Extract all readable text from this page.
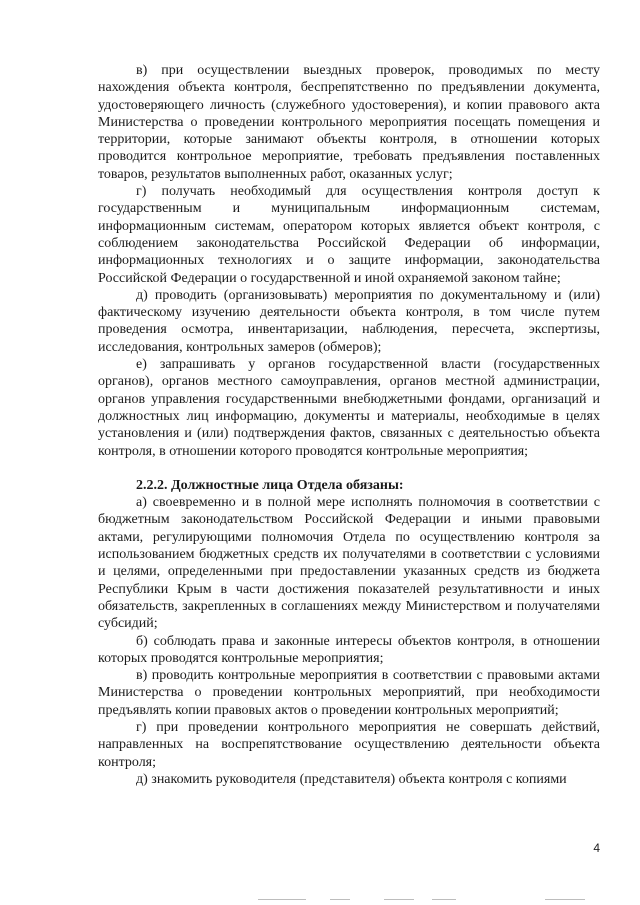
в) при осуществлении выездных проверок, проводимых по месту нахождения объекта контроля, беспрепятственно по предъявлении документа, удостоверяющего личность (служебного удостоверения), и копии правового акта Министерства о проведении контрольного мероприятия посещать помещения и территории, которые занимают объекты контроля, в отношении которых проводится контрольное мероприятие, требовать предъявления поставленных товаров, результатов выполненных работ, оказанных услуг;

г) получать необходимый для осуществления контроля доступ к государственным и муниципальным информационным системам, информационным системам, оператором которых является объект контроля, с соблюдением законодательства Российской Федерации об информации, информационных технологиях и о защите информации, законодательства Российской Федерации о государственной и иной охраняемой законом тайне;

д) проводить (организовывать) мероприятия по документальному и (или) фактическому изучению деятельности объекта контроля, в том числе путем проведения осмотра, инвентаризации, наблюдения, пересчета, экспертизы, исследования, контрольных замеров (обмеров);

е) запрашивать у органов государственной власти (государственных органов), органов местного самоуправления, органов местной администрации, органов управления государственными внебюджетными фондами, организаций и должностных лиц информацию, документы и материалы, необходимые в целях установления и (или) подтверждения фактов, связанных с деятельностью объекта контроля, в отношении которого проводятся контрольные мероприятия;

2.2.2. Должностные лица Отдела обязаны:

а) своевременно и в полной мере исполнять полномочия в соответствии с бюджетным законодательством Российской Федерации и иными правовыми актами, регулирующими полномочия Отдела по осуществлению контроля за использованием бюджетных средств их получателями в соответствии с условиями и целями, определенными при предоставлении указанных средств из бюджета Республики Крым в части достижения показателей результативности и иных обязательств, закрепленных в соглашениях между Министерством и получателями субсидий;

б) соблюдать права и законные интересы объектов контроля, в отношении которых проводятся контрольные мероприятия;

в) проводить контрольные мероприятия в соответствии с правовыми актами Министерства о проведении контрольных мероприятий, при необходимости предъявлять копии правовых актов о проведении контрольных мероприятий;

г) при проведении контрольного мероприятия не совершать действий, направленных на воспрепятствование осуществлению деятельности объекта контроля;

д) знакомить руководителя (представителя) объекта контроля с копиями

4
